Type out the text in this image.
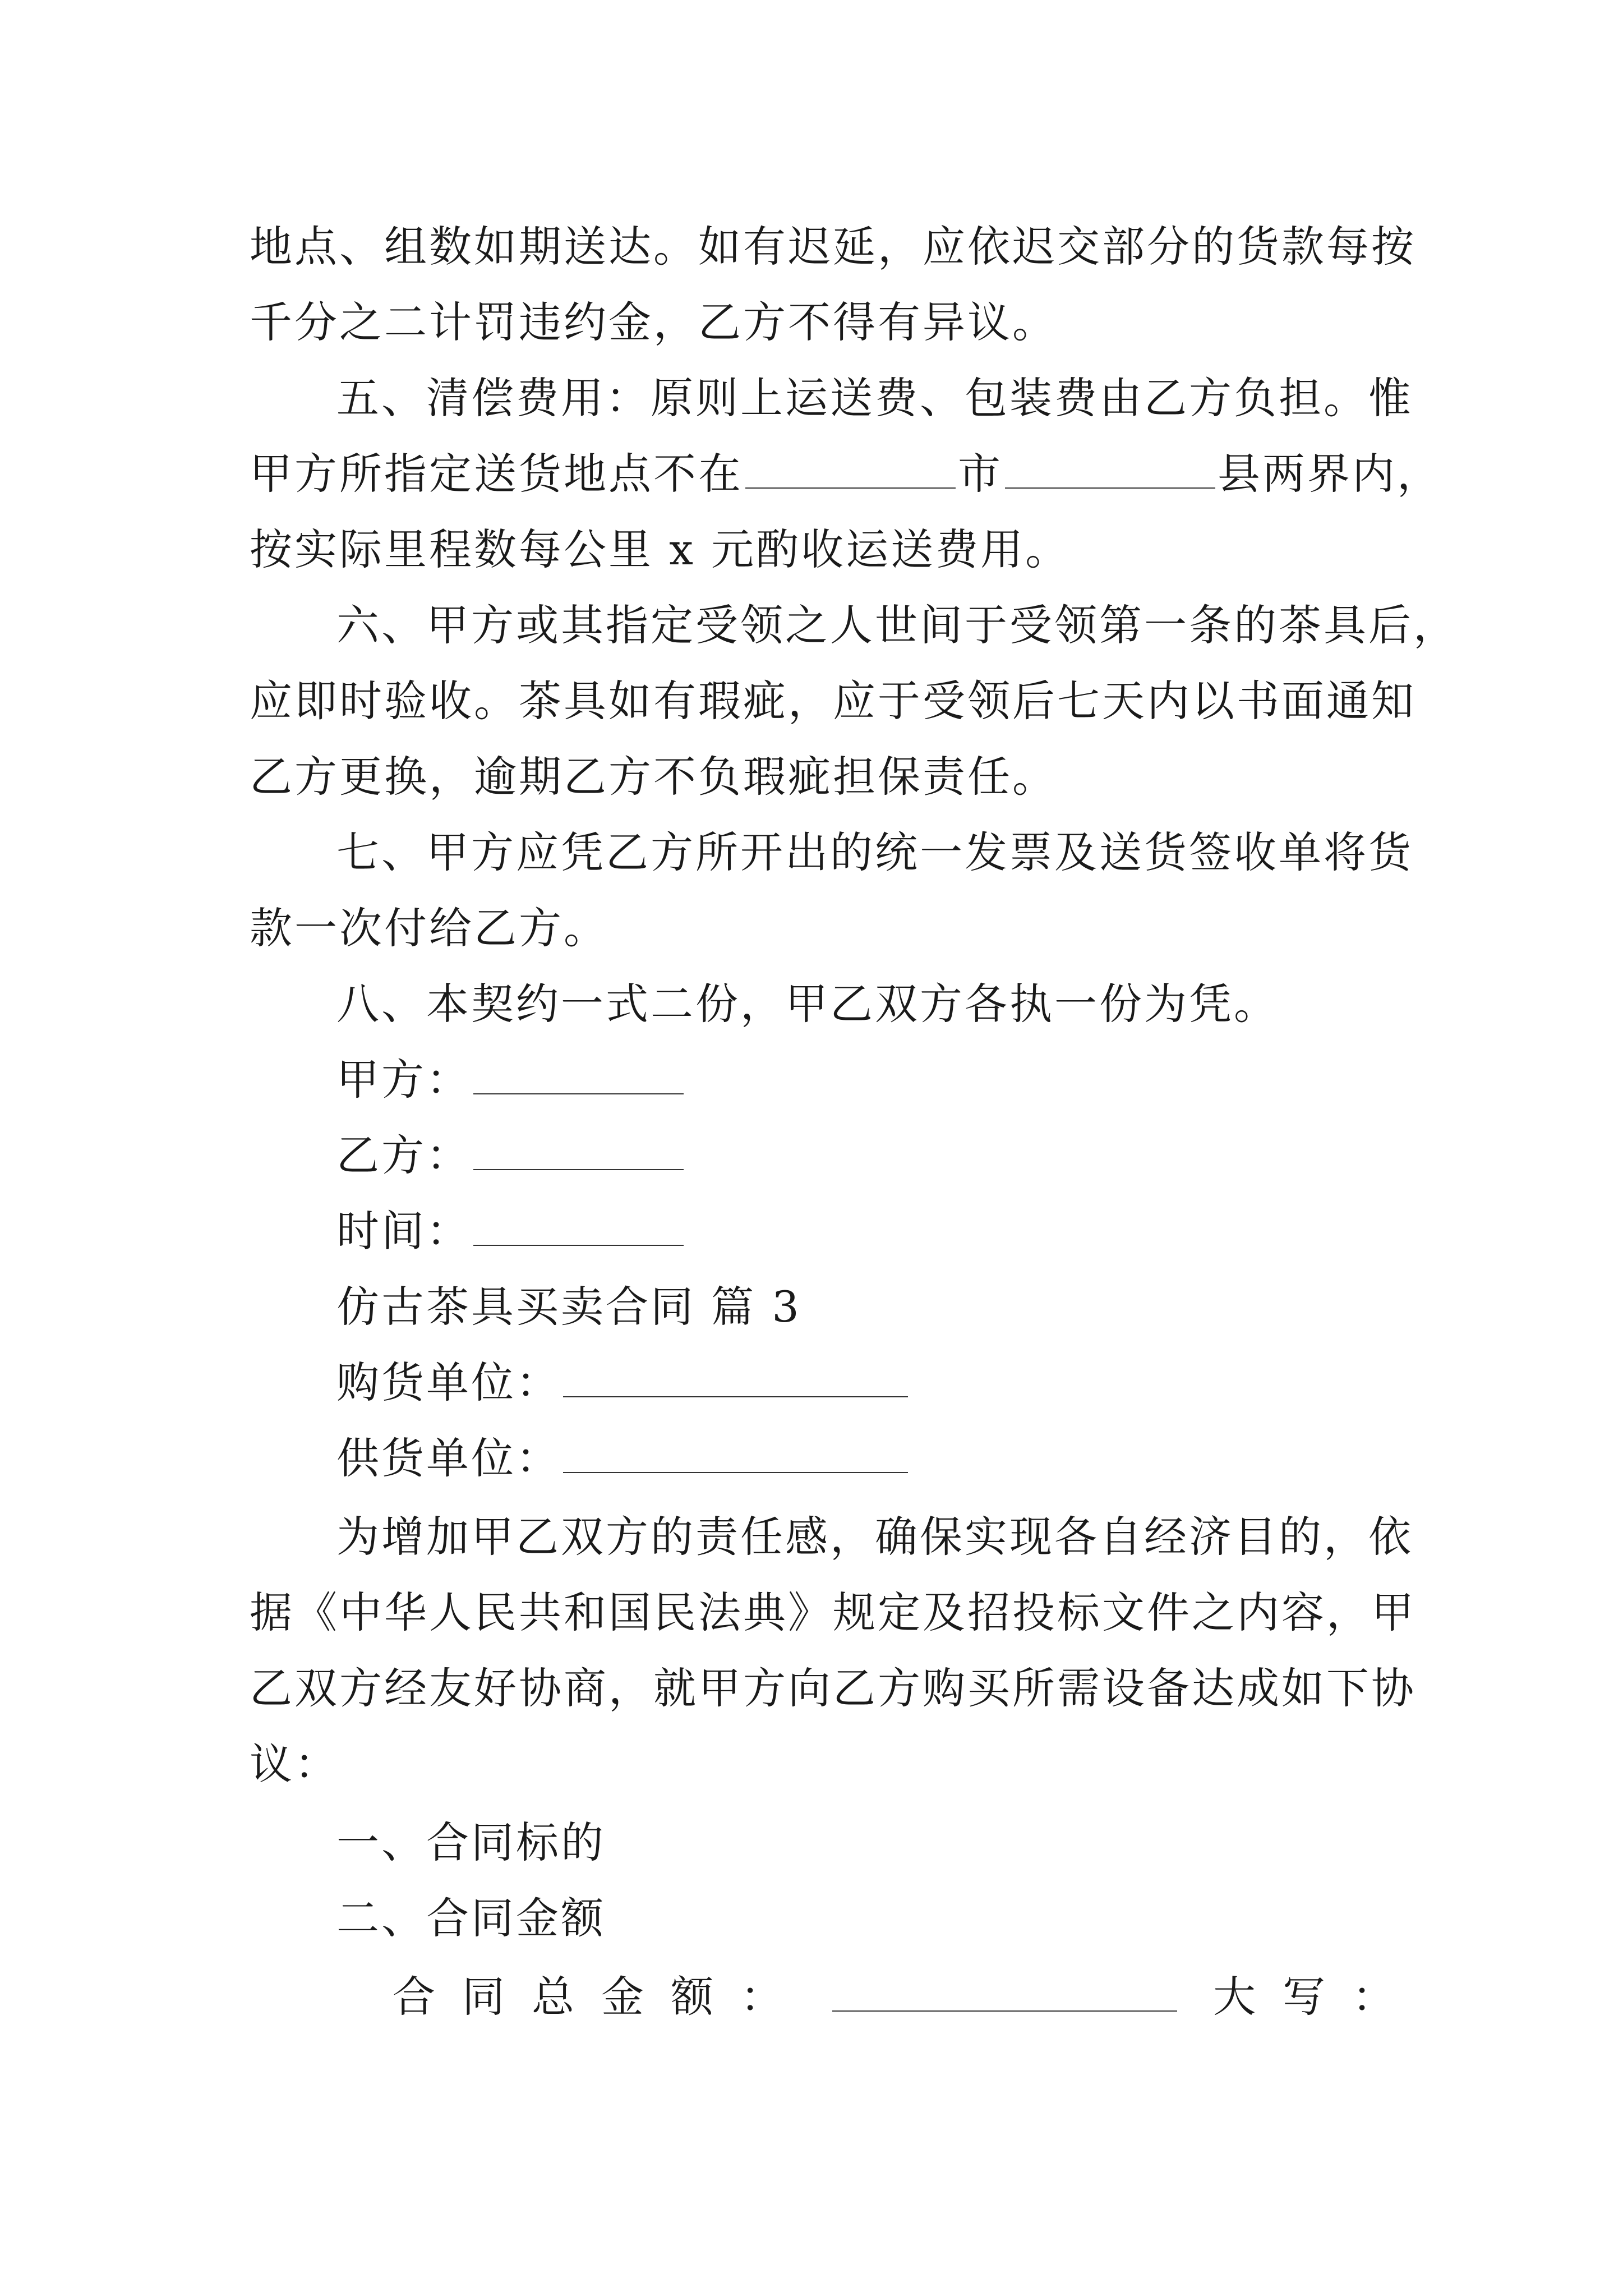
地点、组数如期送达。如有迟延，应依迟交部分的货款每按
千分之二计罚违约金，乙方不得有异议。
五、清偿费用：原则上运送费、包装费由乙方负担。惟
甲方所指定送货地点不在	市	县两界内，
按实际里程数每公里 x 元酌收运送费用。
六、甲方或其指定受领之人世间于受领第一条的茶具后，
应即时验收。茶具如有瑕疵，应于受领后七天内以书面通知
乙方更换，逾期乙方不负瑕疵担保责任。
七、甲方应凭乙方所开出的统一发票及送货签收单将货
款一次付给乙方。
八、本契约一式二份，甲乙双方各执一份为凭。
甲方：
乙方：
时间：
仿古茶具买卖合同 篇 3
购货单位：
供货单位：
为增加甲乙双方的责任感，确保实现各自经济目的，依
据《中华人民共和国民法典》规定及招投标文件之内容，甲
乙双方经友好协商，就甲方向乙方购买所需设备达成如下协
议：
一、合同标的
二、合同金额
合同总金额：	大写：
